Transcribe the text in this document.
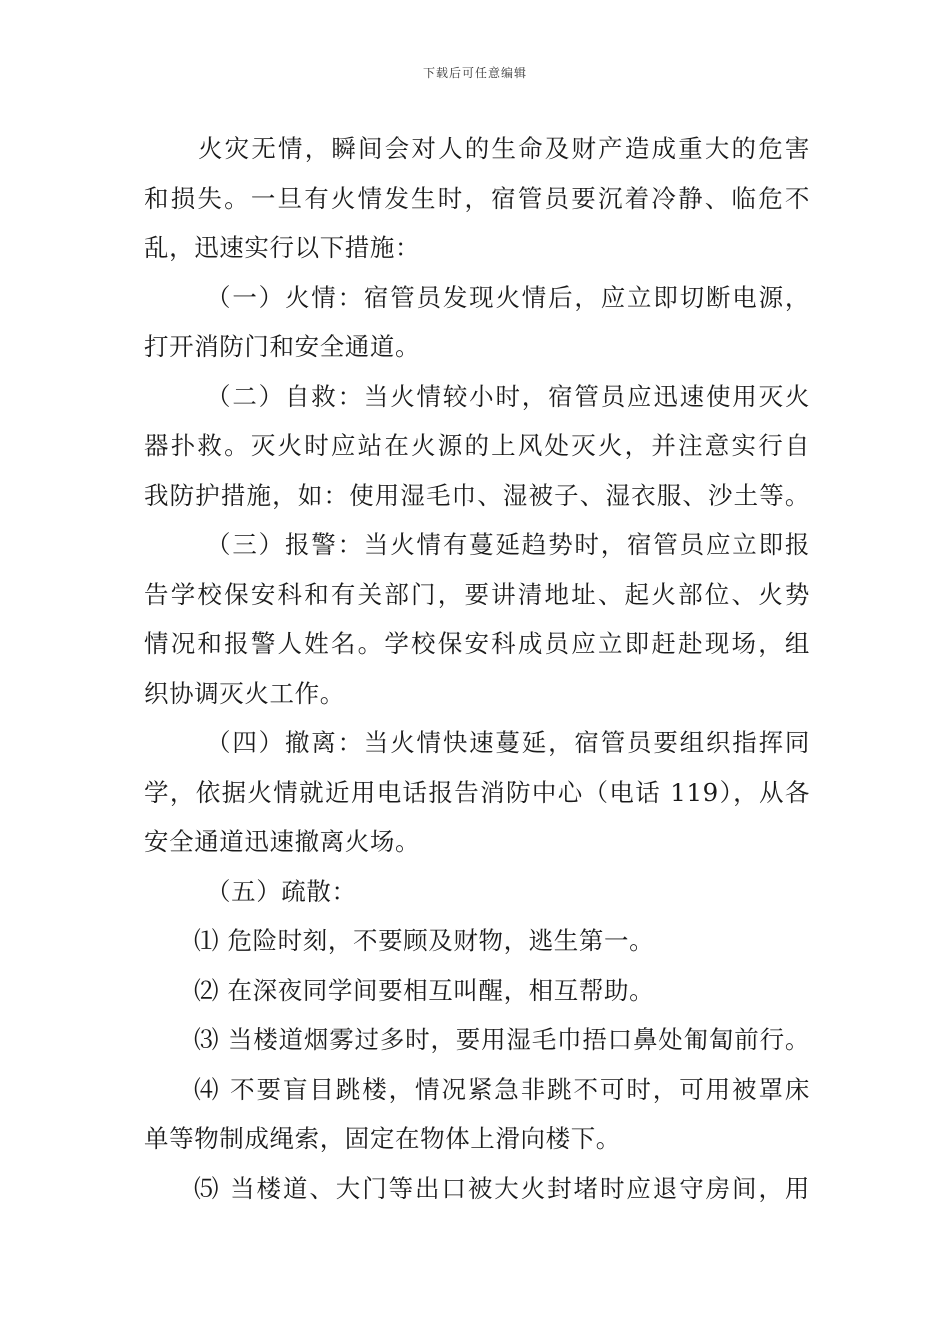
下载后可任意编辑
火灾无情，瞬间会对人的生命及财产造成重大的危害
和损失。一旦有火情发生时，宿管员要沉着冷静、临危不
乱，迅速实行以下措施：
（一）火情：宿管员发现火情后，应立即切断电源，
打开消防门和安全通道。
（二）自救：当火情较小时，宿管员应迅速使用灭火
器扑救。灭火时应站在火源的上风处灭火，并注意实行自
我防护措施，如：使用湿毛巾、湿被子、湿衣服、沙土等。
（三）报警：当火情有蔓延趋势时，宿管员应立即报
告学校保安科和有关部门，要讲清地址、起火部位、火势
情况和报警人姓名。学校保安科成员应立即赶赴现场，组
织协调灭火工作。
（四）撤离：当火情快速蔓延，宿管员要组织指挥同
学，依据火情就近用电话报告消防中心（电话 119），从各
安全通道迅速撤离火场。
（五）疏散：
⑴ 危险时刻，不要顾及财物，逃生第一。
⑵ 在深夜同学间要相互叫醒，相互帮助。
⑶ 当楼道烟雾过多时，要用湿毛巾捂口鼻处匍匐前行。
⑷ 不要盲目跳楼，情况紧急非跳不可时，可用被罩床
单等物制成绳索，固定在物体上滑向楼下。
⑸ 当楼道、大门等出口被大火封堵时应退守房间，用
